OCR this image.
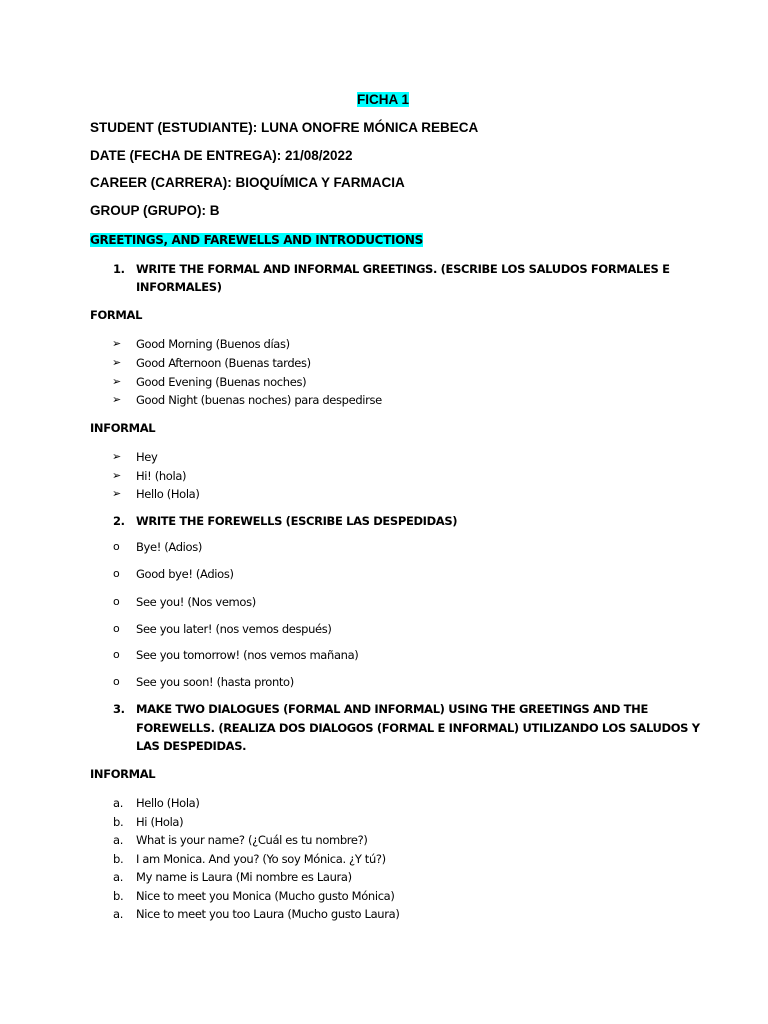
FICHA 1

STUDENT (ESTUDIANTE): LUNA ONOFRE MÓNICA REBECA

DATE (FECHA DE ENTREGA): 21/08/2022

CAREER (CARRERA): BIOQUÍMICA Y FARMACIA

GROUP (GRUPO): B

GREETINGS, AND FAREWELLS AND INTRODUCTIONS

1. WRITE THE FORMAL AND INFORMAL GREETINGS. (ESCRIBE LOS SALUDOS FORMALES E

INFORMALES)

FORMAL

➢ Good Morning (Buenos días)
➢ Good Afternoon (Buenas tardes)
➢ Good Evening (Buenas noches)
➢ Good Night (buenas noches) para despedirse

INFORMAL

➢ Hey
➢ Hi! (hola)
➢ Hello (Hola)
2. WRITE THE FOREWELLS (ESCRIBE LAS DESPEDIDAS)

o Bye! (Adios)
o Good bye! (Adios)
o See you! (Nos vemos)
o See you later! (nos vemos después)
o See you tomorrow! (nos vemos mañana)
o See you soon! (hasta pronto)
3. MAKE TWO DIALOGUES (FORMAL AND INFORMAL) USING THE GREETINGS AND THE

FOREWELLS. (REALIZA DOS DIALOGOS (FORMAL E INFORMAL) UTILIZANDO LOS SALUDOS Y

LAS DESPEDIDAS.

INFORMAL

a. Hello (Hola)
b. Hi (Hola)
a. What is your name? (¿Cuál es tu nombre?)
b. I am Monica. And you? (Yo soy Mónica. ¿Y tú?)
a. My name is Laura (Mi nombre es Laura)
b. Nice to meet you Monica (Mucho gusto Mónica)
a. Nice to meet you too Laura (Mucho gusto Laura)
